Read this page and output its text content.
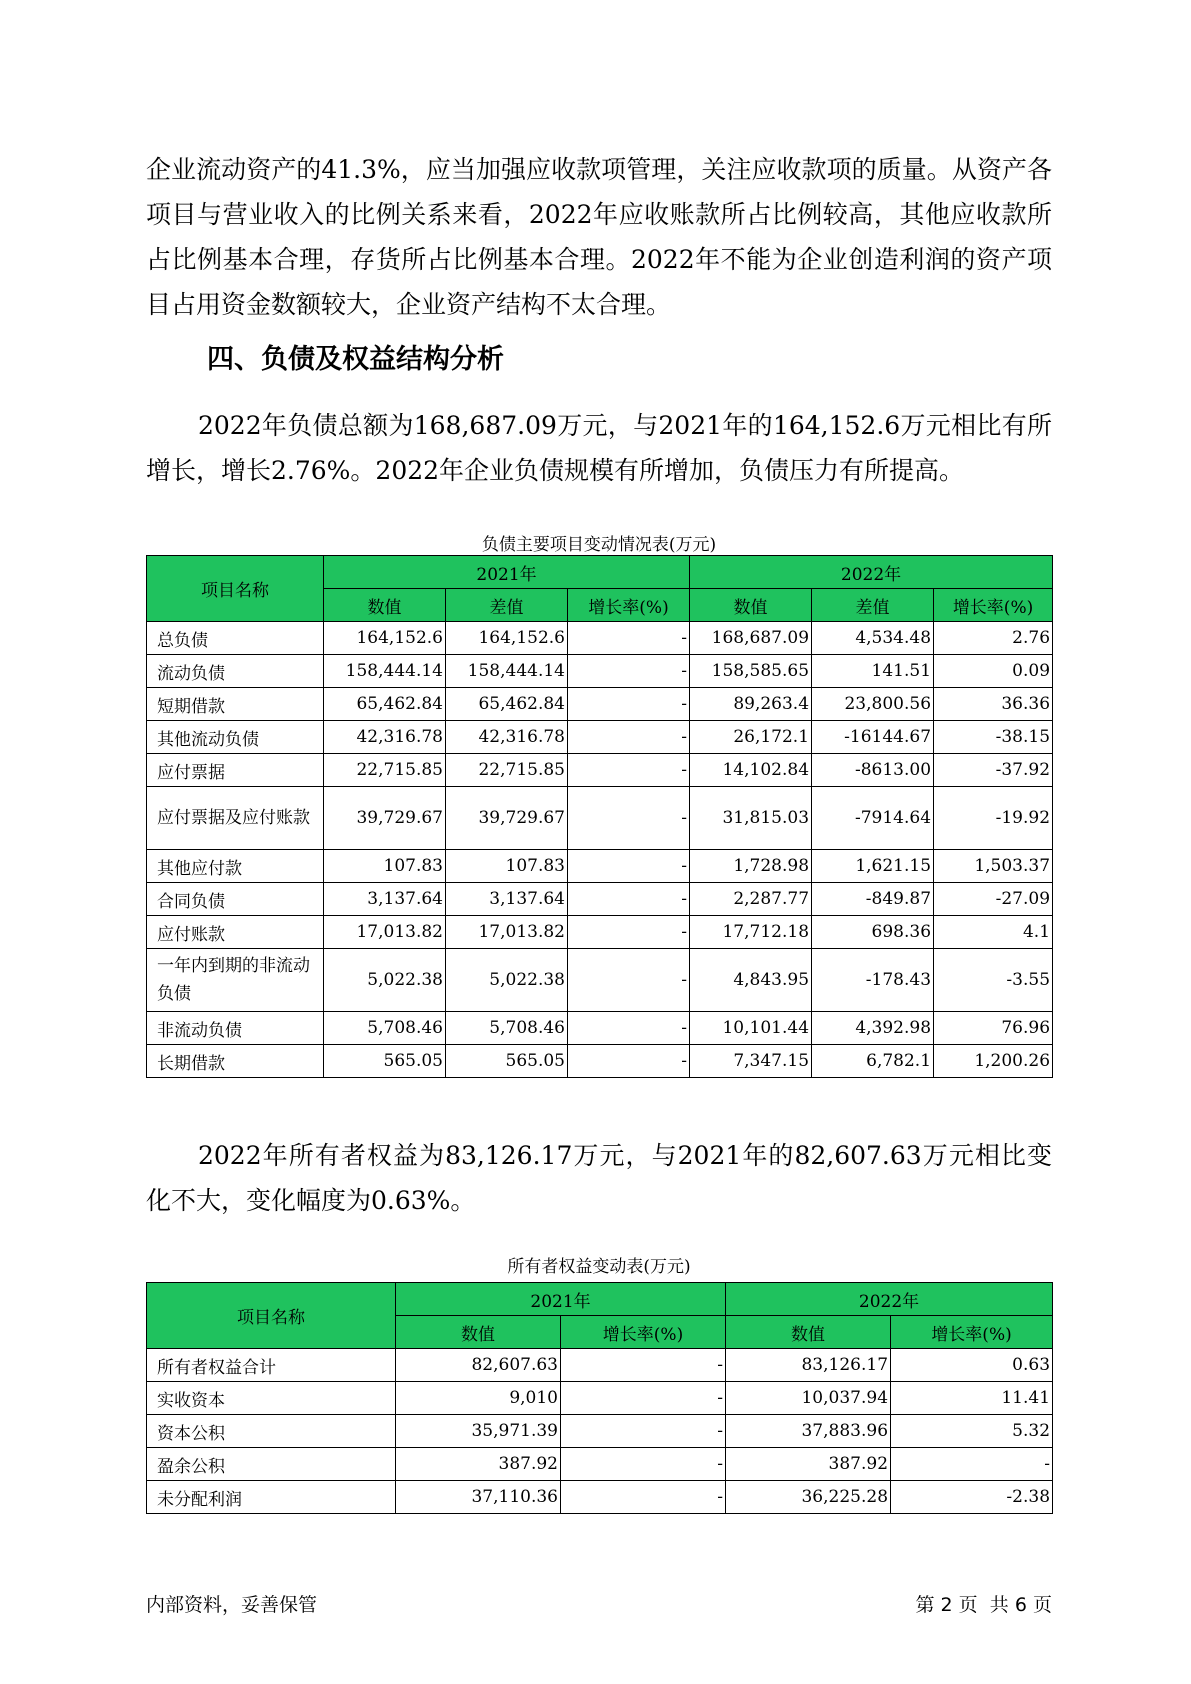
企业流动资产的41.3%，应当加强应收款项管理，关注应收款项的质量。从资产各项目与营业收入的比例关系来看，2022年应收账款所占比例较高，其他应收款所占比例基本合理，存货所占比例基本合理。2022年不能为企业创造利润的资产项目占用资金数额较大，企业资产结构不太合理。

四、负债及权益结构分析

2022年负债总额为168,687.09万元，与2021年的164,152.6万元相比有所增长，增长2.76%。2022年企业负债规模有所增加，负债压力有所提高。

负债主要项目变动情况表(万元)
项目名称	2021年			2022年		
	数值	差值	增长率(%)	数值	差值	增长率(%)
总负债	164,152.6	164,152.6	-	168,687.09	4,534.48	2.76
流动负债	158,444.14	158,444.14	-	158,585.65	141.51	0.09
短期借款	65,462.84	65,462.84	-	89,263.4	23,800.56	36.36
其他流动负债	42,316.78	42,316.78	-	26,172.1	-16144.67	-38.15
应付票据	22,715.85	22,715.85	-	14,102.84	-8613.00	-37.92
应付票据及应付账款	39,729.67	39,729.67	-	31,815.03	-7914.64	-19.92
其他应付款	107.83	107.83	-	1,728.98	1,621.15	1,503.37
合同负债	3,137.64	3,137.64	-	2,287.77	-849.87	-27.09
应付账款	17,013.82	17,013.82	-	17,712.18	698.36	4.1
一年内到期的非流动负债	5,022.38	5,022.38	-	4,843.95	-178.43	-3.55
非流动负债	5,708.46	5,708.46	-	10,101.44	4,392.98	76.96
长期借款	565.05	565.05	-	7,347.15	6,782.1	1,200.26

2022年所有者权益为83,126.17万元，与2021年的82,607.63万元相比变化不大，变化幅度为0.63%。

所有者权益变动表(万元)
项目名称	2021年		2022年	
	数值	增长率(%)	数值	增长率(%)
所有者权益合计	82,607.63	-	83,126.17	0.63
实收资本	9,010	-	10,037.94	11.41
资本公积	35,971.39	-	37,883.96	5.32
盈余公积	387.92	-	387.92	-
未分配利润	37,110.36	-	36,225.28	-2.38
内部资料，妥善保管	第 2 页 共 6 页
